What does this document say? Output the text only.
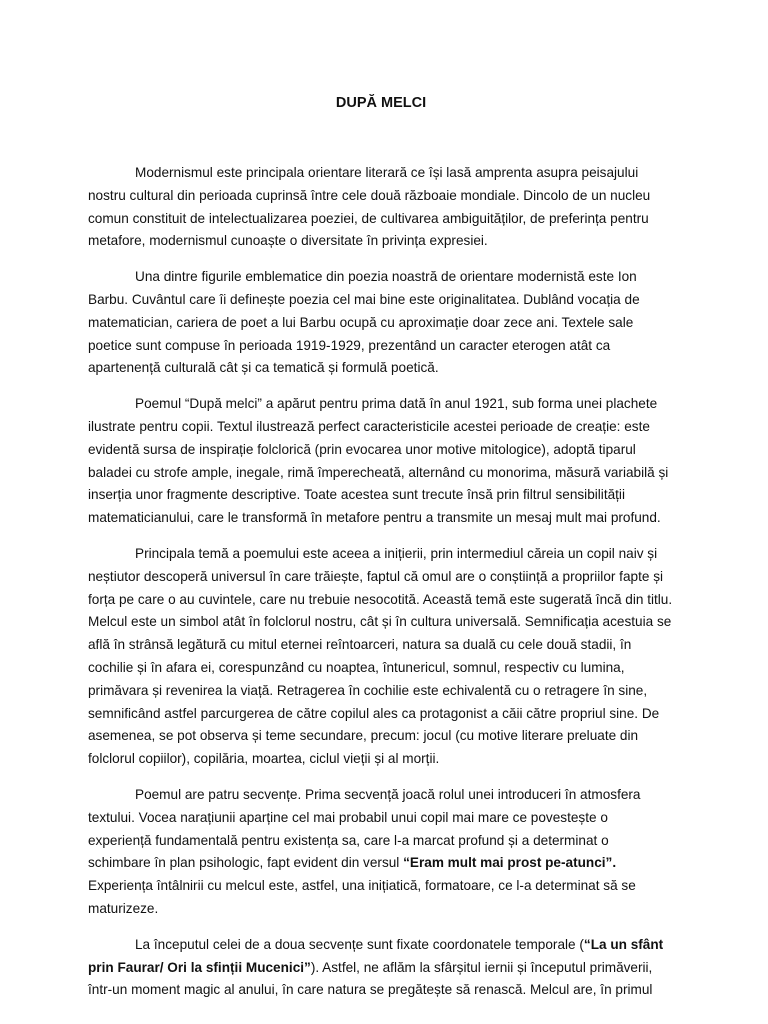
DUPĂ MELCI

Modernismul este principala orientare literară ce își lasă amprenta asupra peisajului nostru cultural din perioada cuprinsă între cele două războaie mondiale. Dincolo de un nucleu comun constituit de intelectualizarea poeziei, de cultivarea ambiguităților, de preferința pentru metafore, modernismul cunoaște o diversitate în privința expresiei.

Una dintre figurile emblematice din poezia noastră de orientare modernistă este Ion Barbu. Cuvântul care îi definește poezia cel mai bine este originalitatea. Dublând vocația de matematician, cariera de poet a lui Barbu ocupă cu aproximație doar zece ani. Textele sale poetice sunt compuse în perioada 1919-1929, prezentând un caracter eterogen atât ca apartenență culturală cât și ca tematică și formulă poetică.

Poemul “După melci” a apărut pentru prima dată în anul 1921, sub forma unei plachete ilustrate pentru copii. Textul ilustrează perfect caracteristicile acestei perioade de creație: este evidentă sursa de inspirație folclorică (prin evocarea unor motive mitologice), adoptă tiparul baladei cu strofe ample, inegale, rimă împerecheată, alternând cu monorima, măsură variabilă și inserția unor fragmente descriptive. Toate acestea sunt trecute însă prin filtrul sensibilității matematicianului, care le transformă în metafore pentru a transmite un mesaj mult mai profund.

Principala temă a poemului este aceea a inițierii, prin intermediul căreia un copil naiv și neștiutor descoperă universul în care trăiește, faptul că omul are o conștiință a propriilor fapte și forța pe care o au cuvintele, care nu trebuie nesocotită. Această temă este sugerată încă din titlu. Melcul este un simbol atât în folclorul nostru, cât și în cultura universală. Semnificația acestuia se află în strânsă legătură cu mitul eternei reîntoarceri, natura sa duală cu cele două stadii, în cochilie și în afara ei, corespunzând cu noaptea, întunericul, somnul, respectiv cu lumina, primăvara și revenirea la viață. Retragerea în cochilie este echivalentă cu o retragere în sine, semnificând astfel parcurgerea de către copilul ales ca protagonist a căii către propriul sine. De asemenea, se pot observa și teme secundare, precum: jocul (cu motive literare preluate din folclorul copiilor), copilăria, moartea, ciclul vieții și al morții.

Poemul are patru secvențe. Prima secvență joacă rolul unei introduceri în atmosfera textului. Vocea narațiunii aparține cel mai probabil unui copil mai mare ce povestește o experiență fundamentală pentru existența sa, care l-a marcat profund și a determinat o schimbare în plan psihologic, fapt evident din versul “Eram mult mai prost pe-atunci”. Experiența întâlnirii cu melcul este, astfel, una inițiatică, formatoare, ce l-a determinat să se maturizeze.

La începutul celei de a doua secvențe sunt fixate coordonatele temporale (“La un sfânt prin Faurar/ Ori la sfinții Mucenici”). Astfel, ne aflăm la sfârșitul iernii și începutul primăverii, într-un moment magic al anului, în care natura se pregătește să renască. Melcul are, în primul
